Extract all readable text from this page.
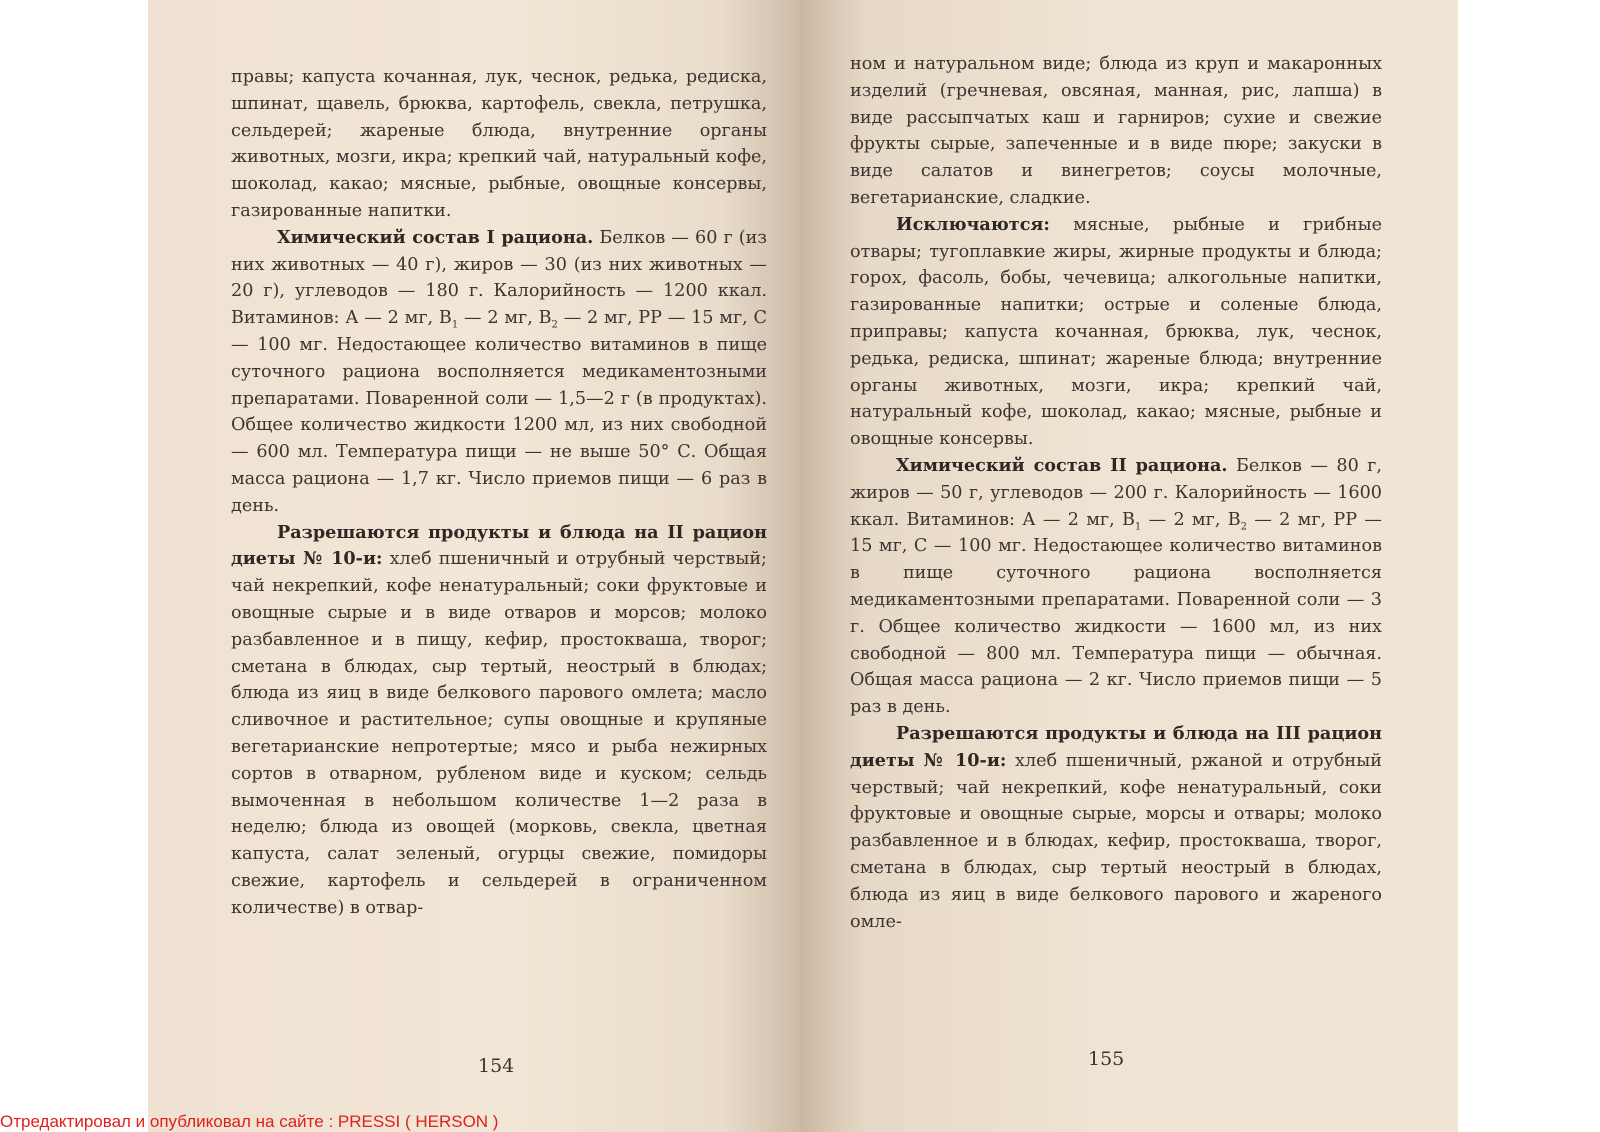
правы; капуста кочанная, лук, чеснок, редька, редиска, шпинат, щавель, брюква, картофель, свекла, петрушка, сельдерей; жареные блюда, внутренние органы животных, мозги, икра; крепкий чай, натуральный кофе, шоколад, какао; мясные, рыбные, овощные консервы, газированные напитки.

Химический состав I рациона. Белков — 60 г (из них животных — 40 г), жиров — 30 (из них животных — 20 г), углеводов — 180 г. Калорийность — 1200 ккал. Витаминов: А — 2 мг, $В_1$ — 2 мг, $В_2$ — 2 мг, РР — 15 мг, С — 100 мг. Недостающее количество витаминов в пище суточного рациона восполняется медикаментозными препаратами. Поваренной соли — 1,5—2 г (в продуктах). Общее количество жидкости 1200 мл, из них свободной — 600 мл. Температура пищи — не выше 50° С. Общая масса рациона — 1,7 кг. Число приемов пищи — 6 раз в день.

Разрешаются продукты и блюда на II рацион диеты № 10-и: хлеб пшеничный и отрубный черствый; чай некрепкий, кофе ненатуральный; соки фруктовые и овощные сырые и в виде отваров и морсов; молоко разбавленное и в пищу, кефир, простокваша, творог; сметана в блюдах, сыр тертый, неострый в блюдах; блюда из яиц в виде белкового парового омлета; масло сливочное и растительное; супы овощные и крупяные вегетарианские непротертые; мясо и рыба нежирных сортов в отварном, рубленом виде и куском; сельдь вымоченная в небольшом количестве 1—2 раза в неделю; блюда из овощей (морковь, свекла, цветная капуста, салат зеленый, огурцы свежие, помидоры свежие, картофель и сельдерей в ограниченном количестве) в отвар-

154

ном и натуральном виде; блюда из круп и макаронных изделий (гречневая, овсяная, манная, рис, лапша) в виде рассыпчатых каш и гарниров; сухие и свежие фрукты сырые, запеченные и в виде пюре; закуски в виде салатов и винегретов; соусы молочные, вегетарианские, сладкие.

Исключаются: мясные, рыбные и грибные отвары; тугоплавкие жиры, жирные продукты и блюда; горох, фасоль, бобы, чечевица; алкогольные напитки, газированные напитки; острые и соленые блюда, приправы; капуста кочанная, брюква, лук, чеснок, редька, редиска, шпинат; жареные блюда; внутренние органы животных, мозги, икра; крепкий чай, натуральный кофе, шоколад, какао; мясные, рыбные и овощные консервы.

Химический состав II рациона. Белков — 80 г, жиров — 50 г, углеводов — 200 г. Калорийность — 1600 ккал. Витаминов: А — 2 мг, $В_1$ — 2 мг, $В_2$ — 2 мг, РР — 15 мг, С — 100 мг. Недостающее количество витаминов в пище суточного рациона восполняется медикаментозными препаратами. Поваренной соли — 3 г. Общее количество жидкости — 1600 мл, из них свободной — 800 мл. Температура пищи — обычная. Общая масса рациона — 2 кг. Число приемов пищи — 5 раз в день.

Разрешаются продукты и блюда на III рацион диеты № 10-и: хлеб пшеничный, ржаной и отрубный черствый; чай некрепкий, кофе ненатуральный, соки фруктовые и овощные сырые, морсы и отвары; молоко разбавленное и в блюдах, кефир, простокваша, творог, сметана в блюдах, сыр тертый неострый в блюдах, блюда из яиц в виде белкового парового и жареного омле-

155
Отредактировал и опубликовал на сайте : PRESSI ( HERSON )
